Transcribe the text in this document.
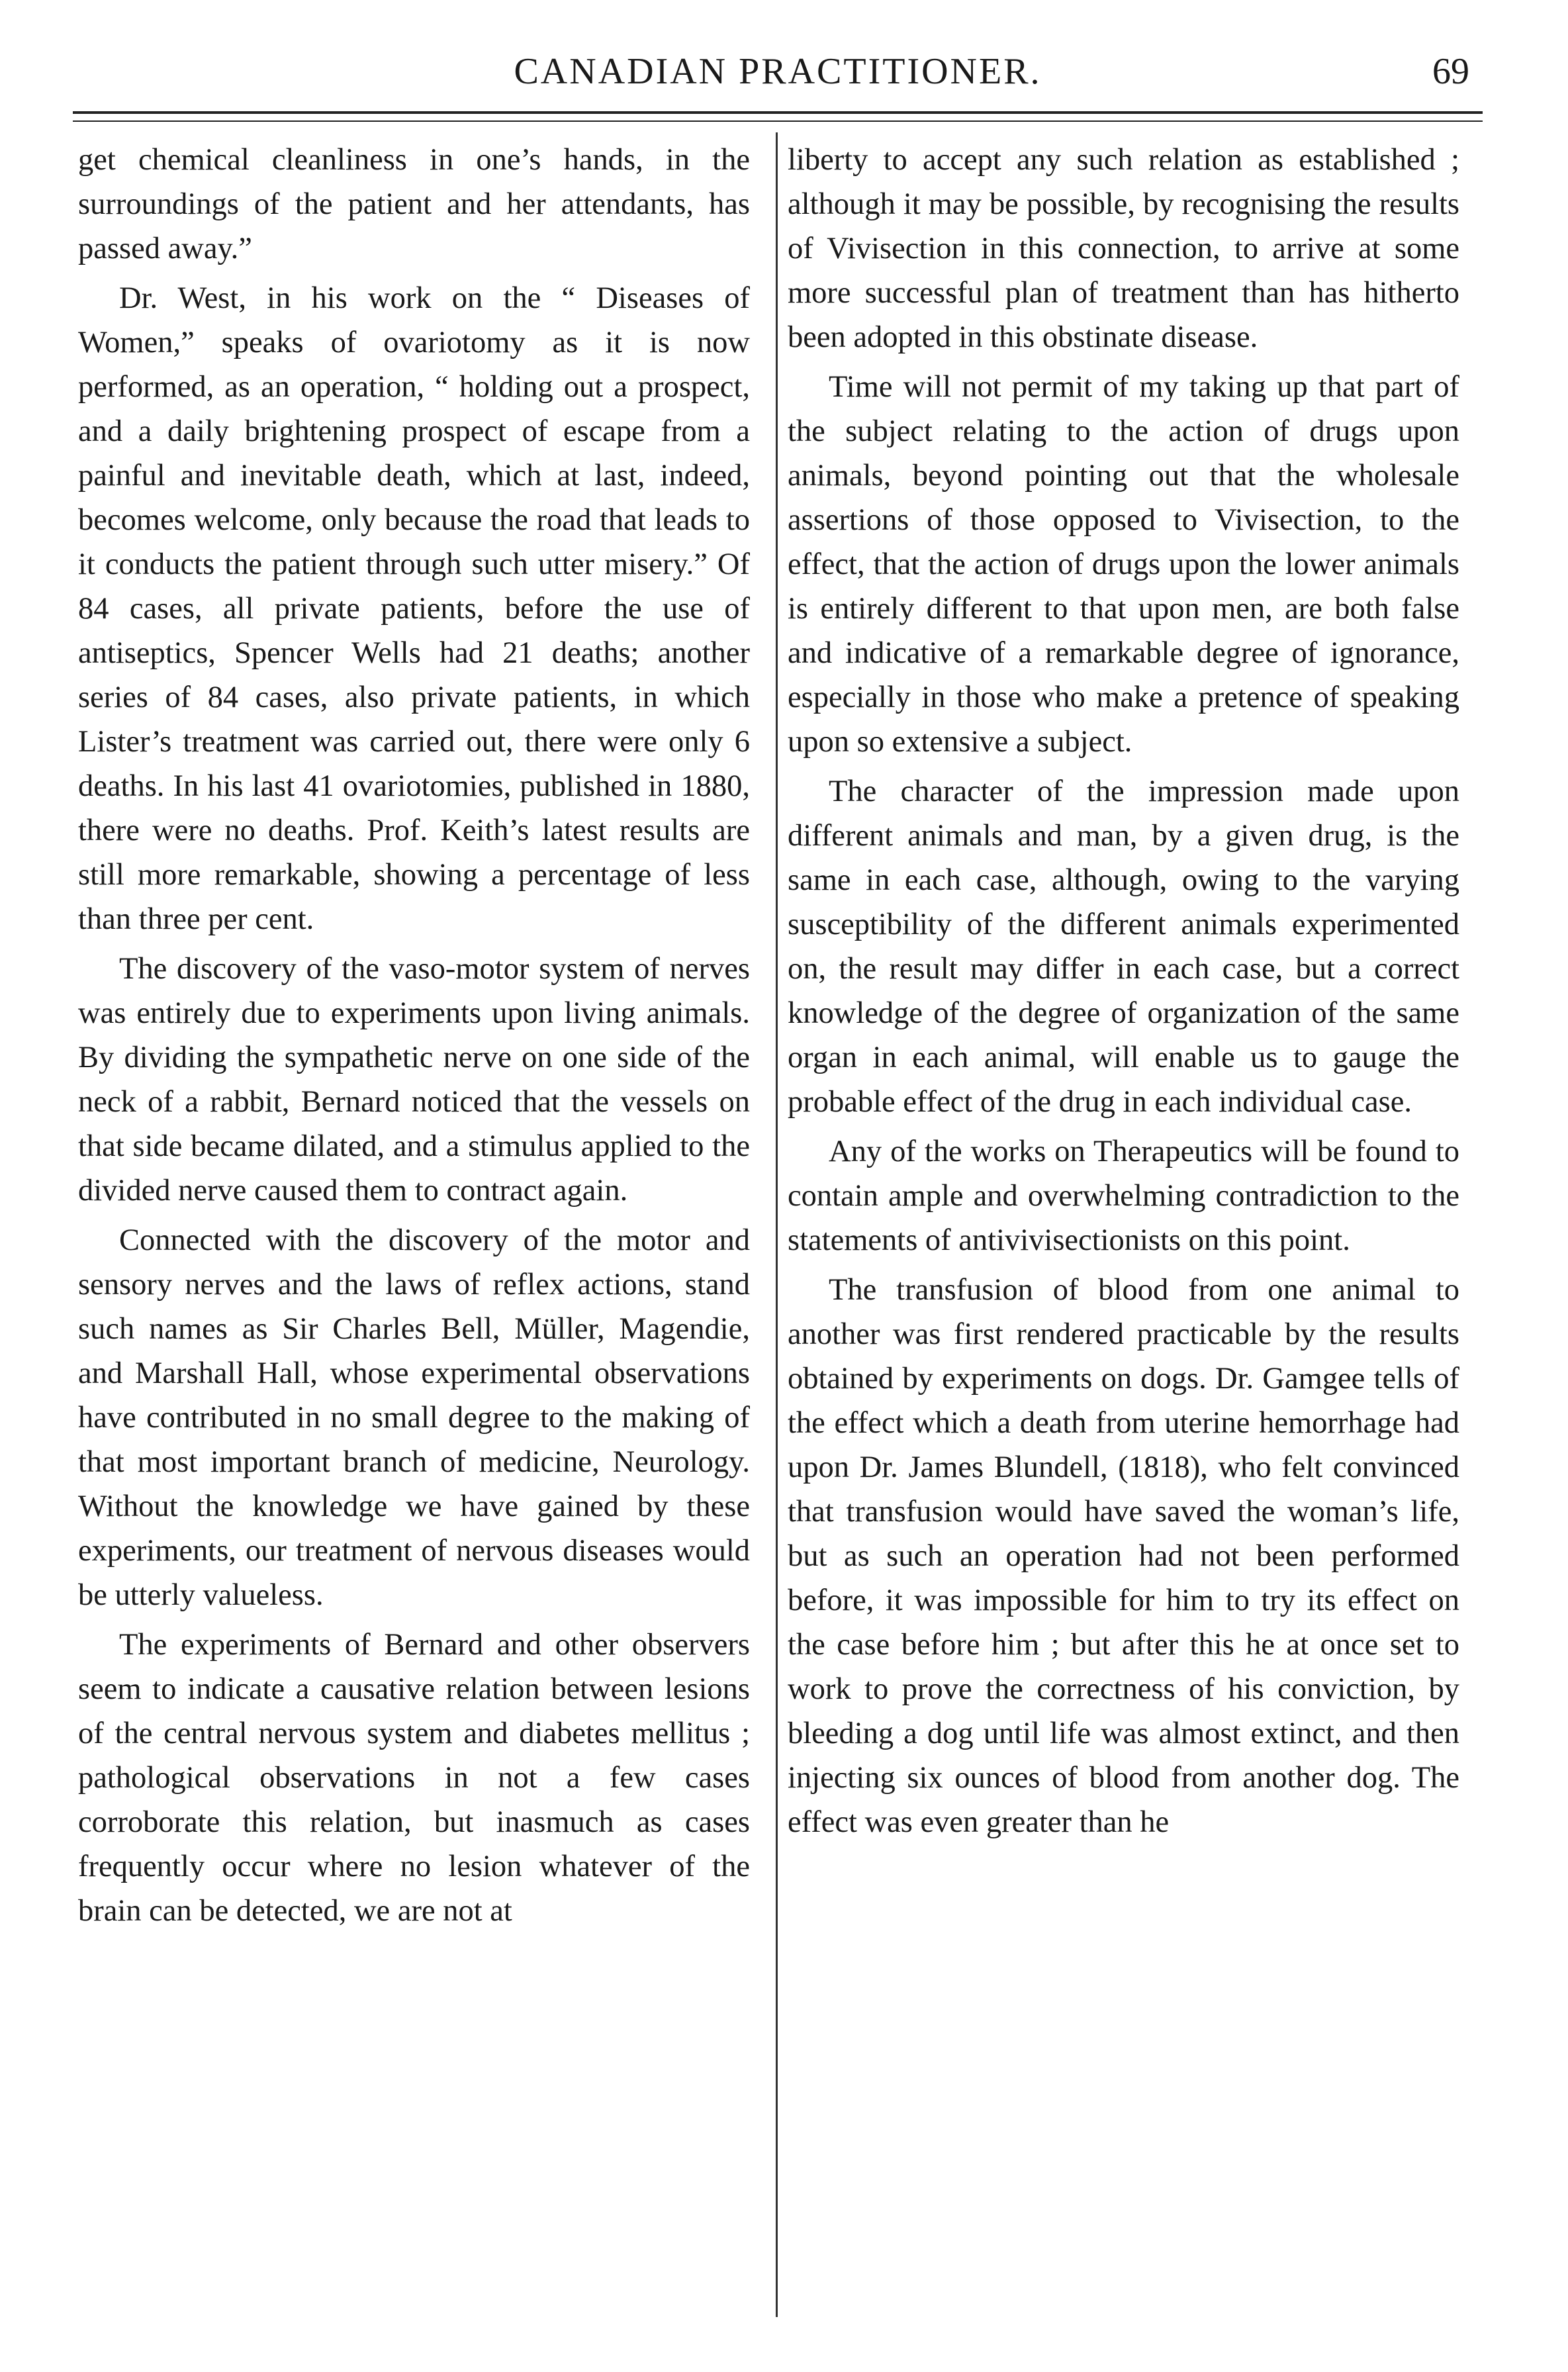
CANADIAN PRACTITIONER.	69

get chemical cleanliness in one’s hands, in the surroundings of the patient and her attendants, has passed away.”

Dr. West, in his work on the “ Diseases of Women,” speaks of ovariotomy as it is now performed, as an operation, “ holding out a prospect, and a daily brightening prospect of escape from a painful and inevitable death, which at last, indeed, becomes welcome, only because the road that leads to it conducts the patient through such utter misery.” Of 84 cases, all private patients, before the use of antiseptics, Spencer Wells had 21 deaths; another series of 84 cases, also private patients, in which Lister’s treatment was carried out, there were only 6 deaths. In his last 41 ovariotomies, published in 1880, there were no deaths. Prof. Keith’s latest results are still more remarkable, showing a percentage of less than three per cent.

The discovery of the vaso-motor system of nerves was entirely due to experiments upon living animals. By dividing the sympathetic nerve on one side of the neck of a rabbit, Bernard noticed that the vessels on that side became dilated, and a stimulus applied to the divided nerve caused them to contract again.

Connected with the discovery of the motor and sensory nerves and the laws of reflex actions, stand such names as Sir Charles Bell, Müller, Magendie, and Marshall Hall, whose experimental observations have contributed in no small degree to the making of that most important branch of medicine, Neurology. Without the knowledge we have gained by these experiments, our treatment of nervous diseases would be utterly valueless.

The experiments of Bernard and other observers seem to indicate a causative relation between lesions of the central nervous system and diabetes mellitus ; pathological observations in not a few cases corroborate this relation, but inasmuch as cases frequently occur where no lesion whatever of the brain can be detected, we are not at

liberty to accept any such relation as established ; although it may be possible, by recognising the results of Vivisection in this connection, to arrive at some more successful plan of treatment than has hitherto been adopted in this obstinate disease.

Time will not permit of my taking up that part of the subject relating to the action of drugs upon animals, beyond pointing out that the wholesale assertions of those opposed to Vivisection, to the effect, that the action of drugs upon the lower animals is entirely different to that upon men, are both false and indicative of a remarkable degree of ignorance, especially in those who make a pretence of speaking upon so extensive a subject.

The character of the impression made upon different animals and man, by a given drug, is the same in each case, although, owing to the varying susceptibility of the different animals experimented on, the result may differ in each case, but a correct knowledge of the degree of organization of the same organ in each animal, will enable us to gauge the probable effect of the drug in each individual case.

Any of the works on Therapeutics will be found to contain ample and overwhelming contradiction to the statements of antivivisectionists on this point.

The transfusion of blood from one animal to another was first rendered practicable by the results obtained by experiments on dogs. Dr. Gamgee tells of the effect which a death from uterine hemorrhage had upon Dr. James Blundell, (1818), who felt convinced that transfusion would have saved the woman’s life, but as such an operation had not been performed before, it was impossible for him to try its effect on the case before him ; but after this he at once set to work to prove the correctness of his conviction, by bleeding a dog until life was almost extinct, and then injecting six ounces of blood from another dog. The effect was even greater than he
